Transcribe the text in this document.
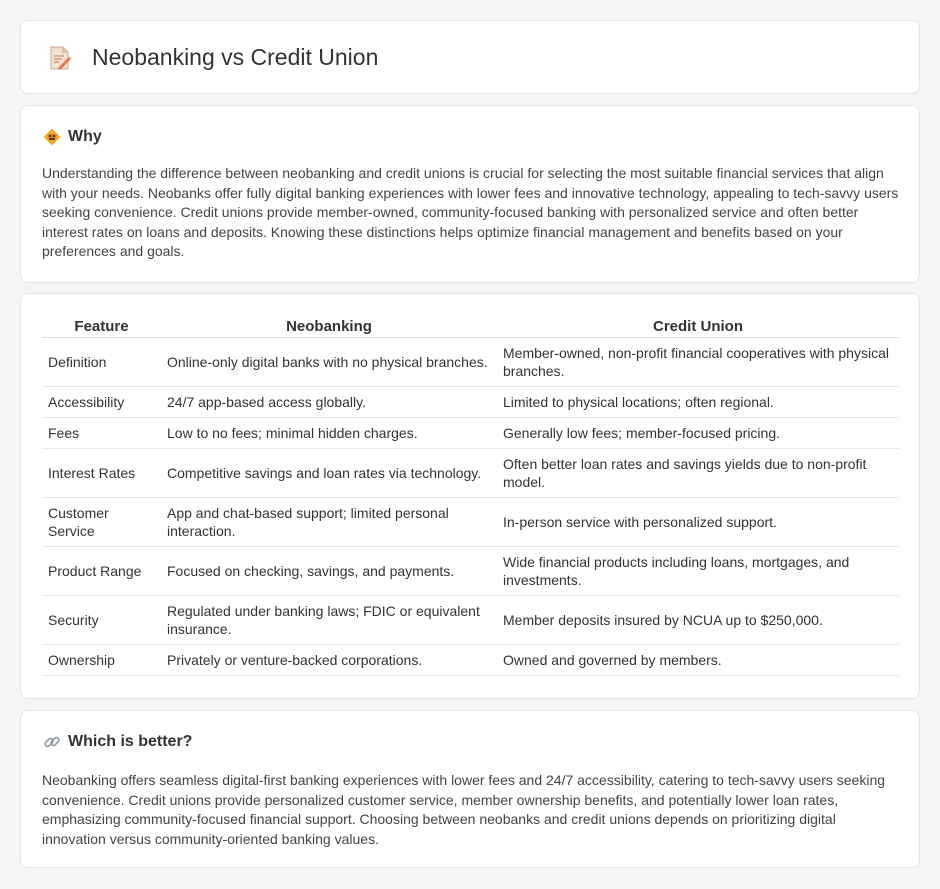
Neobanking vs Credit Union
Why

Understanding the difference between neobanking and credit unions is crucial for selecting the most suitable financial services that align with your needs. Neobanks offer fully digital banking experiences with lower fees and innovative technology, appealing to tech-savvy users seeking convenience. Credit unions provide member-owned, community-focused banking with personalized service and often better interest rates on loans and deposits. Knowing these distinctions helps optimize financial management and benefits based on your preferences and goals.

Feature	Neobanking	Credit Union
Definition	Online-only digital banks with no physical branches.	Member-owned, non-profit financial cooperatives with physical branches.
Accessibility	24/7 app-based access globally.	Limited to physical locations; often regional.
Fees	Low to no fees; minimal hidden charges.	Generally low fees; member-focused pricing.
Interest Rates	Competitive savings and loan rates via technology.	Often better loan rates and savings yields due to non-profit model.
Customer Service	App and chat-based support; limited personal interaction.	In-person service with personalized support.
Product Range	Focused on checking, savings, and payments.	Wide financial products including loans, mortgages, and investments.
Security	Regulated under banking laws; FDIC or equivalent insurance.	Member deposits insured by NCUA up to $250,000.
Ownership	Privately or venture-backed corporations.	Owned and governed by members.
Which is better?

Neobanking offers seamless digital-first banking experiences with lower fees and 24/7 accessibility, catering to tech-savvy users seeking convenience. Credit unions provide personalized customer service, member ownership benefits, and potentially lower loan rates, emphasizing community-focused financial support. Choosing between neobanks and credit unions depends on prioritizing digital innovation versus community-oriented banking values.
